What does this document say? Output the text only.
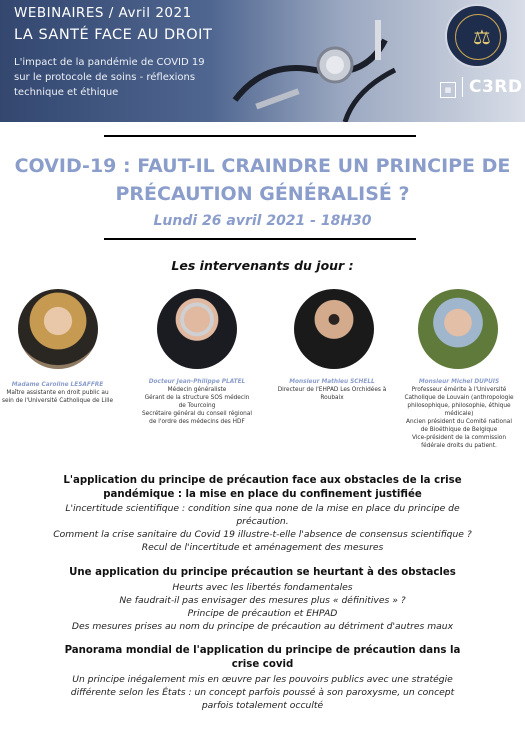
WEBINAIRES / Avril 2021
LA SANTÉ FACE AU DROIT
L'impact de la pandémie de COVID 19
sur le protocole de soins - réflexions
technique et éthique
⚖
▦	C3RD
COVID-19 : FAUT-IL CRAINDRE UN PRINCIPE DE
PRÉCAUTION GÉNÉRALISÉ ?
Lundi 26 avril 2021 - 18H30
Les intervenants du jour :
Madame Caroline LESAFFRE
Maître assistante en droit public au
sein de l'Université Catholique de Lille
Docteur Jean-Philippe PLATEL
Médecin généraliste
Gérant de la structure SOS médecin
de Tourcoing
Secrétaire général du conseil régional
de l'ordre des médecins des HDF
Monsieur Mathieu SCHELL
Directeur de l'EHPAD Les Orchidées à
Roubaix
Monsieur Michel DUPUIS
Professeur émérite à l'Université
Catholique de Louvain (anthropologie
philosophique, philosophie, éthique
médicale)
Ancien président du Comité national
de Bioéthique de Belgique
Vice-président de la commission
fédérale droits du patient.
L'application du principe de précaution face aux obstacles de la crise
pandémique : la mise en place du confinement justifiée
L'incertitude scientifique : condition sine qua none de la mise en place du principe de
précaution.
Comment la crise sanitaire du Covid 19 illustre-t-elle l'absence de consensus scientifique ?
Recul de l'incertitude et aménagement des mesures
Une application du principe précaution se heurtant à des obstacles
Heurts avec les libertés fondamentales
Ne faudrait-il pas envisager des mesures plus « définitives » ?
Principe de précaution et EHPAD
Des mesures prises au nom du principe de précaution au détriment d'autres maux
Panorama mondial de l'application du principe de précaution dans la
crise covid
Un principe inégalement mis en œuvre par les pouvoirs publics avec une stratégie
différente selon les États : un concept parfois poussé à son paroxysme, un concept
parfois totalement occulté
